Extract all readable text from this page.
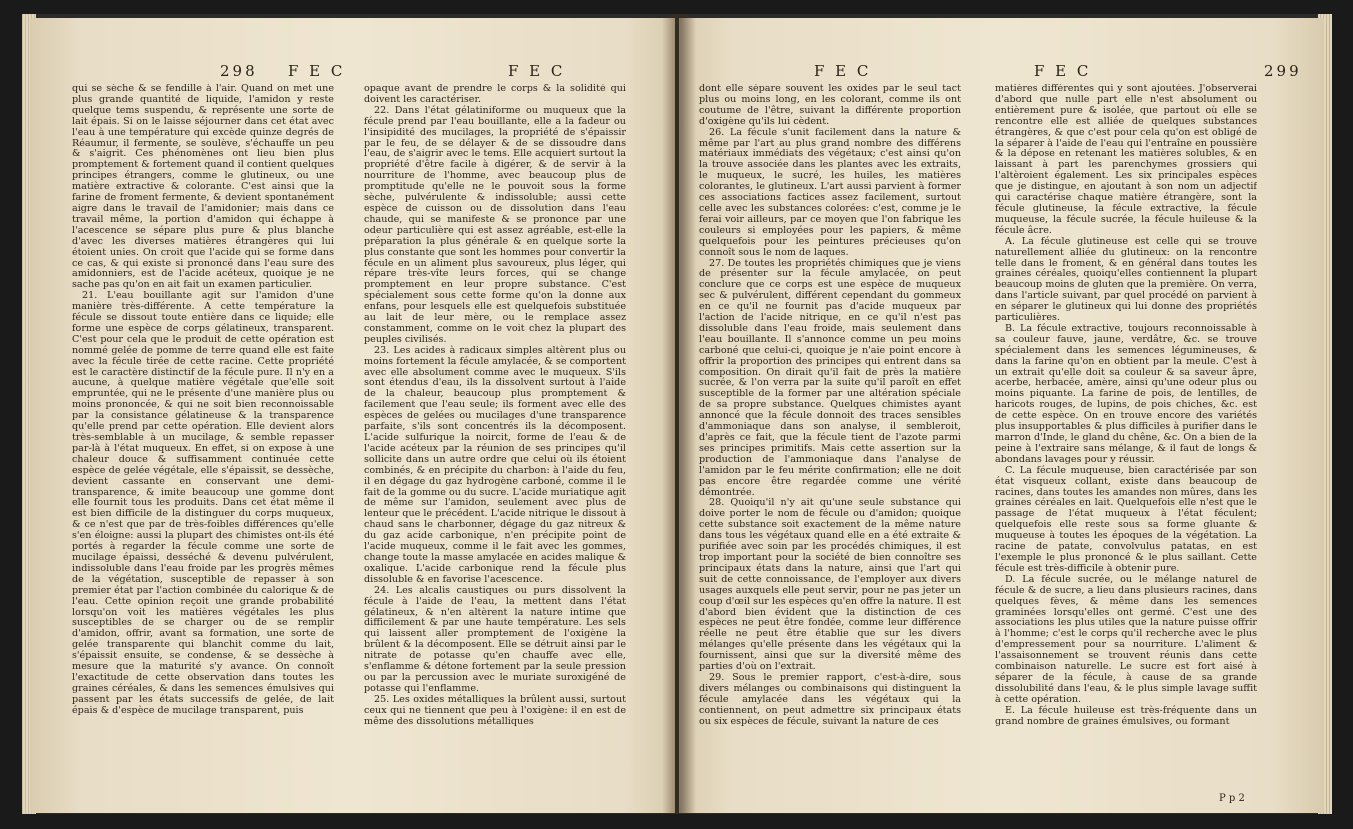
298 F E C	F E C

qui se sèche & se fendille à l'air. Quand on met une plus grande quantité de liquide, l'amidon y reste quelque tems suspendu, & représente une sorte de lait épais. Si on le laisse séjourner dans cet état avec l'eau à une température qui excède quinze degrés de Réaumur, il fermente, se soulève, s'échauffe un peu & s'aigrit. Ces phénomènes ont lieu bien plus promptement & fortement quand il contient quelques principes étrangers, comme le glutineux, ou une matière extractive & colorante. C'est ainsi que la farine de froment fermente, & devient spontanément aigre dans le travail de l'amidonier; mais dans ce travail même, la portion d'amidon qui échappe à l'acescence se sépare plus pure & plus blanche d'avec les diverses matières étrangères qui lui étoient unies. On croit que l'acide qui se forme dans ce cas, & qui existe si prononcé dans l'eau sure des amidonniers, est de l'acide acéteux, quoique je ne sache pas qu'on en ait fait un examen particulier.

21. L'eau bouillante agit sur l'amidon d'une manière très-différente. A cette température la fécule se dissout toute entière dans ce liquide; elle forme une espèce de corps gélatineux, transparent. C'est pour cela que le produit de cette opération est nommé gelée de pomme de terre quand elle est faite avec la fécule tirée de cette racine. Cette propriété est le caractère distinctif de la fécule pure. Il n'y en a aucune, à quelque matière végétale que'elle soit empruntée, qui ne le présente d'une manière plus ou moins prononcée, & qui ne soit bien reconnoissable par la consistance gélatineuse & la transparence qu'elle prend par cette opération. Elle devient alors très-semblable à un mucilage, & semble repasser par-là à l'état muqueux. En effet, si on expose à une chaleur douce & suffisamment continuée cette espèce de gelée végétale, elle s'épaissit, se dessèche, devient cassante en conservant une demi-transparence, & imite beaucoup une gomme dont elle fournit tous les produits. Dans cet état même il est bien difficile de la distinguer du corps muqueux, & ce n'est que par de très-foibles différences qu'elle s'en éloigne: aussi la plupart des chimistes ont-ils été portés à regarder la fécule comme une sorte de mucilage épaissi, desséché & devenu pulvérulent, indissoluble dans l'eau froide par les progrès mêmes de la végétation, susceptible de repasser à son premier état par l'action combinée du calorique & de l'eau. Cette opinion reçoit une grande probabilité lorsqu'on voit les matières végétales les plus susceptibles de se charger ou de se remplir d'amidon, offrir, avant sa formation, une sorte de gelée transparente qui blanchit comme du lait, s'épaissit ensuite, se condense, & se dessèche à mesure que la maturité s'y avance. On connoît l'exactitude de cette observation dans toutes les graines céréales, & dans les semences émulsives qui passent par les états successifs de gelée, de lait épais & d'espèce de mucilage transparent, puis

opaque avant de prendre le corps & la solidité qui doivent les caractériser.

22. Dans l'état gélatiniforme ou muqueux que la fécule prend par l'eau bouillante, elle a la fadeur ou l'insipidité des mucilages, la propriété de s'épaissir par le feu, de se délayer & de se dissoudre dans l'eau, de s'aigrir avec le tems. Elle acquiert surtout la propriété d'être facile à digérer, & de servir à la nourriture de l'homme, avec beaucoup plus de promptitude qu'elle ne le pouvoit sous la forme sèche, pulvérulente & indissoluble; aussi cette espèce de cuisson ou de dissolution dans l'eau chaude, qui se manifeste & se prononce par une odeur particulière qui est assez agréable, est-elle la préparation la plus générale & en quelque sorte la plus constante que sont les hommes pour convertir la fécule en un aliment plus savoureux, plus léger, qui répare très-vîte leurs forces, qui se change promptement en leur propre substance. C'est spécialement sous cette forme qu'on la donne aux enfans, pour lesquels elle est quelquefois substituée au lait de leur mère, ou le remplace assez constamment, comme on le voit chez la plupart des peuples civilisés.

23. Les acides à radicaux simples altèrent plus ou moins fortement la fécule amylacée, & se comportent avec elle absolument comme avec le muqueux. S'ils sont étendus d'eau, ils la dissolvent surtout à l'aide de la chaleur, beaucoup plus promptement & facilement que l'eau seule; ils forment avec elle des espèces de gelées ou mucilages d'une transparence parfaite, s'ils sont concentrés ils la décomposent. L'acide sulfurique la noircit, forme de l'eau & de l'acide acéteux par la réunion de ses principes qu'il sollicite dans un autre ordre que celui où ils étoient combinés, & en précipite du charbon: à l'aide du feu, il en dégage du gaz hydrogène carboné, comme il le fait de la gomme ou du sucre. L'acide muriatique agit de même sur l'amidon, seulement avec plus de lenteur que le précédent. L'acide nitrique le dissout à chaud sans le charbonner, dégage du gaz nitreux & du gaz acide carbonique, n'en précipite point de l'acide muqueux, comme il le fait avec les gommes, change toute la masse amylacée en acides malique & oxalique. L'acide carbonique rend la fécule plus dissoluble & en favorise l'acescence.

24. Les alcalis caustiques ou purs dissolvent la fécule à l'aide de l'eau, la mettent dans l'état gélatineux, & n'en altèrent la nature intime que difficilement & par une haute température. Les sels qui laissent aller promptement de l'oxigène la brûlent & la décomposent. Elle se détruit ainsi par le nitrate de potasse qu'en chauffe avec elle, s'enflamme & détone fortement par la seule pression ou par la percussion avec le muriate suroxigéné de potasse qui l'enflamme.

25. Les oxides métalliques la brûlent aussi, surtout ceux qui ne tiennent que peu à l'oxigène: il en est de même des dissolutions métalliques

F E C	F E C	299

dont elle sépare souvent les oxides par le seul tact plus ou moins long, en les colorant, comme ils ont coutume de l'être, suivant la différente proportion d'oxigène qu'ils lui cèdent.

26. La fécule s'unit facilement dans la nature & même par l'art au plus grand nombre des différens matériaux immédiats des végétaux; c'est ainsi qu'on la trouve associée dans les plantes avec les extraits, le muqueux, le sucré, les huiles, les matières colorantes, le glutineux. L'art aussi parvient à former ces associations factices assez facilement, surtout celle avec les substances colorées: c'est, comme je le ferai voir ailleurs, par ce moyen que l'on fabrique les couleurs si employées pour les papiers, & même quelquefois pour les peintures précieuses qu'on connoît sous le nom de laques.

27. De toutes les propriétés chimiques que je viens de présenter sur la fécule amylacée, on peut conclure que ce corps est une espèce de muqueux sec & pulvérulent, différent cependant du gommeux en ce qu'il ne fournit pas d'acide muqueux par l'action de l'acide nitrique, en ce qu'il n'est pas dissoluble dans l'eau froide, mais seulement dans l'eau bouillante. Il s'annonce comme un peu moins carboné que celui-ci, quoique je n'aie point encore à offrir la proportion des principes qui entrent dans sa composition. On dirait qu'il fait de près la matière sucrée, & l'on verra par la suite qu'il paroît en effet susceptible de la former par une altération spéciale de sa propre substance. Quelques chimistes ayant annoncé que la fécule donnoit des traces sensibles d'ammoniaque dans son analyse, il sembleroit, d'après ce fait, que la fécule tient de l'azote parmi ses principes primitifs. Mais cette assertion sur la production de l'ammoniaque dans l'analyse de l'amidon par le feu mérite confirmation; elle ne doit pas encore être regardée comme une vérité démontrée.

28. Quoiqu'il n'y ait qu'une seule substance qui doive porter le nom de fécule ou d'amidon; quoique cette substance soit exactement de la même nature dans tous les végétaux quand elle en a été extraite & purifiée avec soin par les procédés chimiques, il est trop important pour la société de bien connoître ses principaux états dans la nature, ainsi que l'art qui suit de cette connoissance, de l'employer aux divers usages auxquels elle peut servir, pour ne pas jeter un coup d'œil sur les espèces qu'en offre la nature. Il est d'abord bien évident que la distinction de ces espèces ne peut être fondée, comme leur différence réelle ne peut être établie que sur les divers mélanges qu'elle présente dans les végétaux qui la fournissent, ainsi que sur la diversité même des parties d'où on l'extrait.

29. Sous le premier rapport, c'est-à-dire, sous divers mélanges ou combinaisons qui distinguent la fécule amylacée dans les végétaux qui la contiennent, on peut admettre six principaux états ou six espèces de fécule, suivant la nature de ces

matières différentes qui y sont ajoutées. J'observerai d'abord que nulle part elle n'est absolument ou entièrement pure & isolée, que partout où elle se rencontre elle est alliée de quelques substances étrangères, & que c'est pour cela qu'on est obligé de la séparer à l'aide de l'eau qui l'entraîne en poussière & la dépose en retenant les matières solubles, & en laissant à part les parenchymes grossiers qui l'altèroient également. Les six principales espèces que je distingue, en ajoutant à son nom un adjectif qui caractérise chaque matière étrangère, sont la fécule glutineuse, la fécule extractive, la fécule muqueuse, la fécule sucrée, la fécule huileuse & la fécule âcre.

A. La fécule glutineuse est celle qui se trouve naturellement alliée du glutineux: on la rencontre telle dans le froment, & en général dans toutes les graines céréales, quoiqu'elles contiennent la plupart beaucoup moins de gluten que la première. On verra, dans l'article suivant, par quel procédé on parvient à en séparer le glutineux qui lui donne des propriétés particulières.

B. La fécule extractive, toujours reconnoissable à sa couleur fauve, jaune, verdâtre, &c. se trouve spécialement dans les semences légumineuses, & dans la farine qu'on en obtient par la meule. C'est à un extrait qu'elle doit sa couleur & sa saveur âpre, acerbe, herbacée, amère, ainsi qu'une odeur plus ou moins piquante. La farine de pois, de lentilles, de haricots rouges, de lupins, de pois chiches, &c. est de cette espèce. On en trouve encore des variétés plus insupportables & plus difficiles à purifier dans le marron d'Inde, le gland du chêne, &c. On a bien de la peine à l'extraire sans mélange, & il faut de longs & abondans lavages pour y réussir.

C. La fécule muqueuse, bien caractérisée par son état visqueux collant, existe dans beaucoup de racines, dans toutes les amandes non mûres, dans les graines céréales en lait. Quelquefois elle n'est que le passage de l'état muqueux à l'état féculent; quelquefois elle reste sous sa forme gluante & muqueuse à toutes les époques de la végétation. La racine de patate, convolvulus patatas, en est l'exemple le plus prononcé & le plus saillant. Cette fécule est très-difficile à obtenir pure.

D. La fécule sucrée, ou le mélange naturel de fécule & de sucre, a lieu dans plusieurs racines, dans quelques fèves, & même dans les semences graminées lorsqu'elles ont germé. C'est une des associations les plus utiles que la nature puisse offrir à l'homme; c'est le corps qu'il recherche avec le plus d'empressement pour sa nourriture. L'aliment & l'assaisonnement se trouvent réunis dans cette combinaison naturelle. Le sucre est fort aisé à séparer de la fécule, à cause de sa grande dissolubilité dans l'eau, & le plus simple lavage suffit à cette opération.

E. La fécule huileuse est très-fréquente dans un grand nombre de graines émulsives, ou formant

P p 2
